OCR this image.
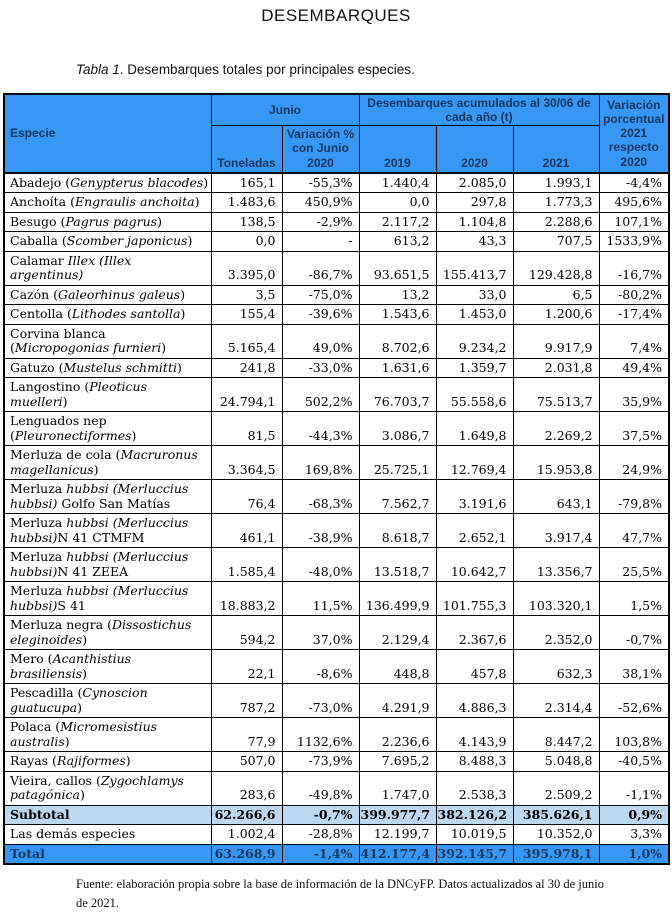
DESEMBARQUES

Tabla 1. Desembarques totales por principales especies.

Especie	Junio		Desembarques acumulados al 30/06 de cada año (t)			Variación porcentual 2021 respecto 2020
	Toneladas	Variación % con Junio 2020	2019	2020	2021	
Abadejo (Genypterus blacodes)	165,1	-55,3%	1.440,4	2.085,0	1.993,1	-4,4%
Anchoíta (Engraulis anchoita)	1.483,6	450,9%	0,0	297,8	1.773,3	495,6%
Besugo (Pagrus pagrus)	138,5	-2,9%	2.117,2	1.104,8	2.288,6	107,1%
Caballa (Scomber japonicus)	0,0	-	613,2	43,3	707,5	1533,9%
Calamar Illex (Illex argentinus)	3.395,0	-86,7%	93.651,5	155.413,7	129.428,8	-16,7%
Cazón (Galeorhinus galeus)	3,5	-75,0%	13,2	33,0	6,5	-80,2%
Centolla (Lithodes santolla)	155,4	-39,6%	1.543,6	1.453,0	1.200,6	-17,4%
Corvina blanca (Micropogonias furnieri)	5.165,4	49,0%	8.702,6	9.234,2	9.917,9	7,4%
Gatuzo (Mustelus schmitti)	241,8	-33,0%	1.631,6	1.359,7	2.031,8	49,4%
Langostino (Pleoticus muelleri)	24.794,1	502,2%	76.703,7	55.558,6	75.513,7	35,9%
Lenguados nep (Pleuronectiformes)	81,5	-44,3%	3.086,7	1.649,8	2.269,2	37,5%
Merluza de cola (Macruronus magellanicus)	3.364,5	169,8%	25.725,1	12.769,4	15.953,8	24,9%
Merluza hubbsi (Merluccius hubbsi) Golfo San Matías	76,4	-68,3%	7.562,7	3.191,6	643,1	-79,8%
Merluza hubbsi (Merluccius hubbsi)N 41 CTMFM	461,1	-38,9%	8.618,7	2.652,1	3.917,4	47,7%
Merluza hubbsi (Merluccius hubbsi)N 41 ZEEA	1.585,4	-48,0%	13.518,7	10.642,7	13.356,7	25,5%
Merluza hubbsi (Merluccius hubbsi)S 41	18.883,2	11,5%	136.499,9	101.755,3	103.320,1	1,5%
Merluza negra (Dissostichus eleginoides)	594,2	37,0%	2.129,4	2.367,6	2.352,0	-0,7%
Mero (Acanthistius brasiliensis)	22,1	-8,6%	448,8	457,8	632,3	38,1%
Pescadilla (Cynoscion guatucupa)	787,2	-73,0%	4.291,9	4.886,3	2.314,4	-52,6%
Polaca (Micromesistius australis)	77,9	1132,6%	2.236,6	4.143,9	8.447,2	103,8%
Rayas (Rajiformes)	507,0	-73,9%	7.695,2	8.488,3	5.048,8	-40,5%
Vieira, callos (Zygochlamys patagónica)	283,6	-49,8%	1.747,0	2.538,3	2.509,2	-1,1%
Subtotal	62.266,6	-0,7%	399.977,7	382.126,2	385.626,1	0,9%
Las demás especies	1.002,4	-28,8%	12.199,7	10.019,5	10.352,0	3,3%
Total	63.268,9	-1,4%	412.177,4	392.145,7	395.978,1	1,0%

Fuente: elaboración propia sobre la base de información de la DNCyFP. Datos actualizados al 30 de junio de 2021.
